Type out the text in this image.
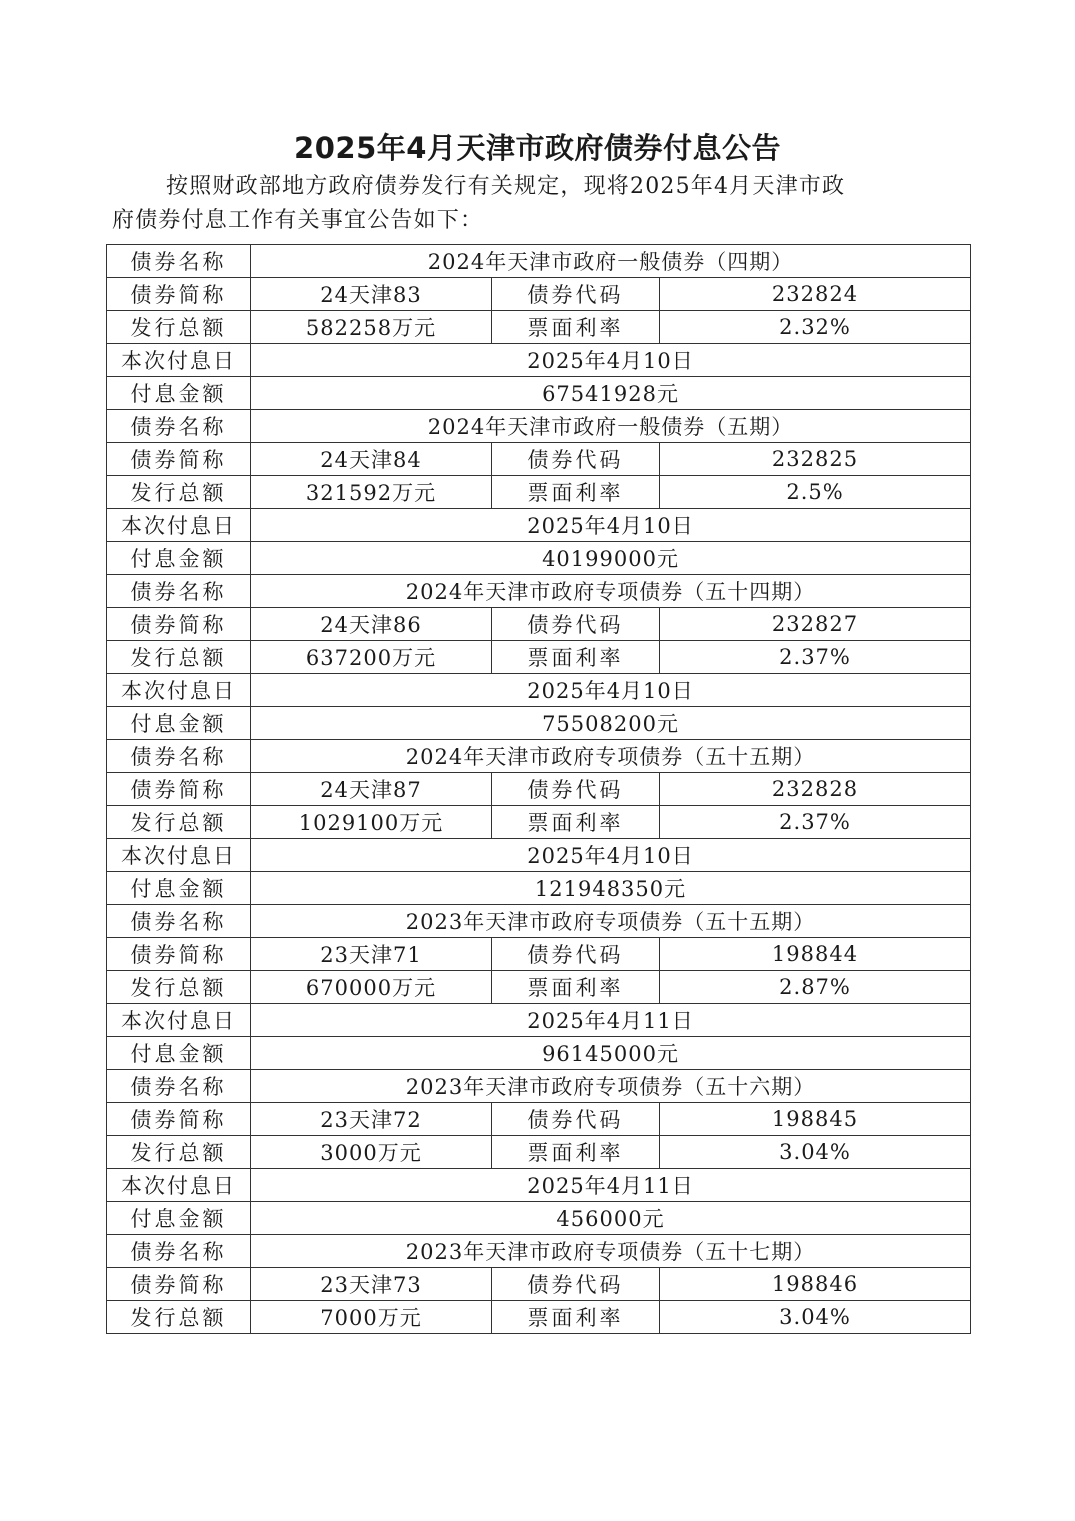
2025年4月天津市政府债券付息公告
按照财政部地方政府债券发行有关规定，现将2025年4月天津市政
府债券付息工作有关事宜公告如下：
债券名称	2024年天津市政府一般债券（四期）		
债券简称	24天津83	债券代码	232824
发行总额	582258万元	票面利率	2.32%
本次付息日	2025年4月10日		
付息金额	67541928元		
债券名称	2024年天津市政府一般债券（五期）		
债券简称	24天津84	债券代码	232825
发行总额	321592万元	票面利率	2.5%
本次付息日	2025年4月10日		
付息金额	40199000元		
债券名称	2024年天津市政府专项债券（五十四期）		
债券简称	24天津86	债券代码	232827
发行总额	637200万元	票面利率	2.37%
本次付息日	2025年4月10日		
付息金额	75508200元		
债券名称	2024年天津市政府专项债券（五十五期）		
债券简称	24天津87	债券代码	232828
发行总额	1029100万元	票面利率	2.37%
本次付息日	2025年4月10日		
付息金额	121948350元		
债券名称	2023年天津市政府专项债券（五十五期）		
债券简称	23天津71	债券代码	198844
发行总额	670000万元	票面利率	2.87%
本次付息日	2025年4月11日		
付息金额	96145000元		
债券名称	2023年天津市政府专项债券（五十六期）		
债券简称	23天津72	债券代码	198845
发行总额	3000万元	票面利率	3.04%
本次付息日	2025年4月11日		
付息金额	456000元		
债券名称	2023年天津市政府专项债券（五十七期）		
债券简称	23天津73	债券代码	198846
发行总额	7000万元	票面利率	3.04%
